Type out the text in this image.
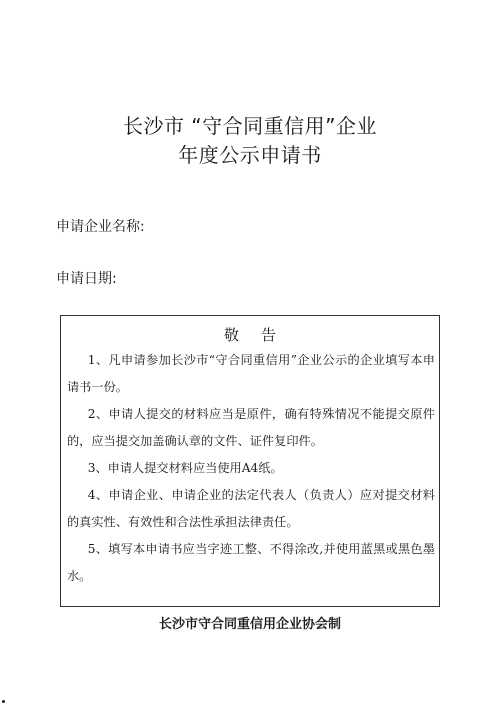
长沙市 “守合同重信用”企业
年度公示申请书
申请企业名称:
申请日期:
敬告

1、凡申请参加长沙市“守合同重信用”企业公示的企业填写本申请书一份。

2、申请人提交的材料应当是原件，确有特殊情况不能提交原件的，应当提交加盖确认章的文件、证件复印件。

3、申请人提交材料应当使用A4纸。

4、申请企业、申请企业的法定代表人（负责人）应对提交材料的真实性、有效性和合法性承担法律责任。

5、填写本申请书应当字迹工整、不得涂改,并使用蓝黑或黑色墨水。

长沙市守合同重信用企业协会制
